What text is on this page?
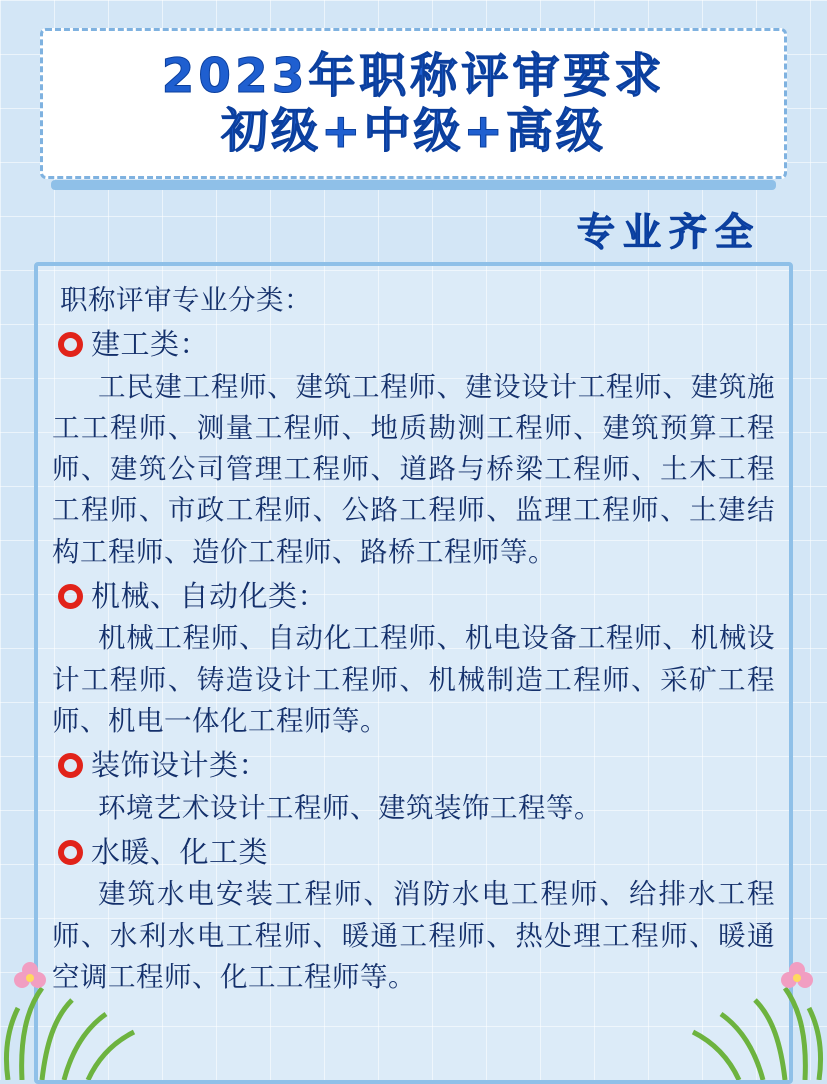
2023年职称评审要求
初级+中级+高级
专业齐全
职称评审专业分类：
建工类：

工民建工程师、建筑工程师、建设设计工程师、建筑施工工程师、测量工程师、地质勘测工程师、建筑预算工程师、建筑公司管理工程师、道路与桥梁工程师、土木工程工程师、市政工程师、公路工程师、监理工程师、土建结构工程师、造价工程师、路桥工程师等。

机械、自动化类：

机械工程师、自动化工程师、机电设备工程师、机械设计工程师、铸造设计工程师、机械制造工程师、采矿工程师、机电一体化工程师等。

装饰设计类：

环境艺术设计工程师、建筑装饰工程等。

水暖、化工类

建筑水电安装工程师、消防水电工程师、给排水工程师、水利水电工程师、暖通工程师、热处理工程师、暖通空调工程师、化工工程师等。
